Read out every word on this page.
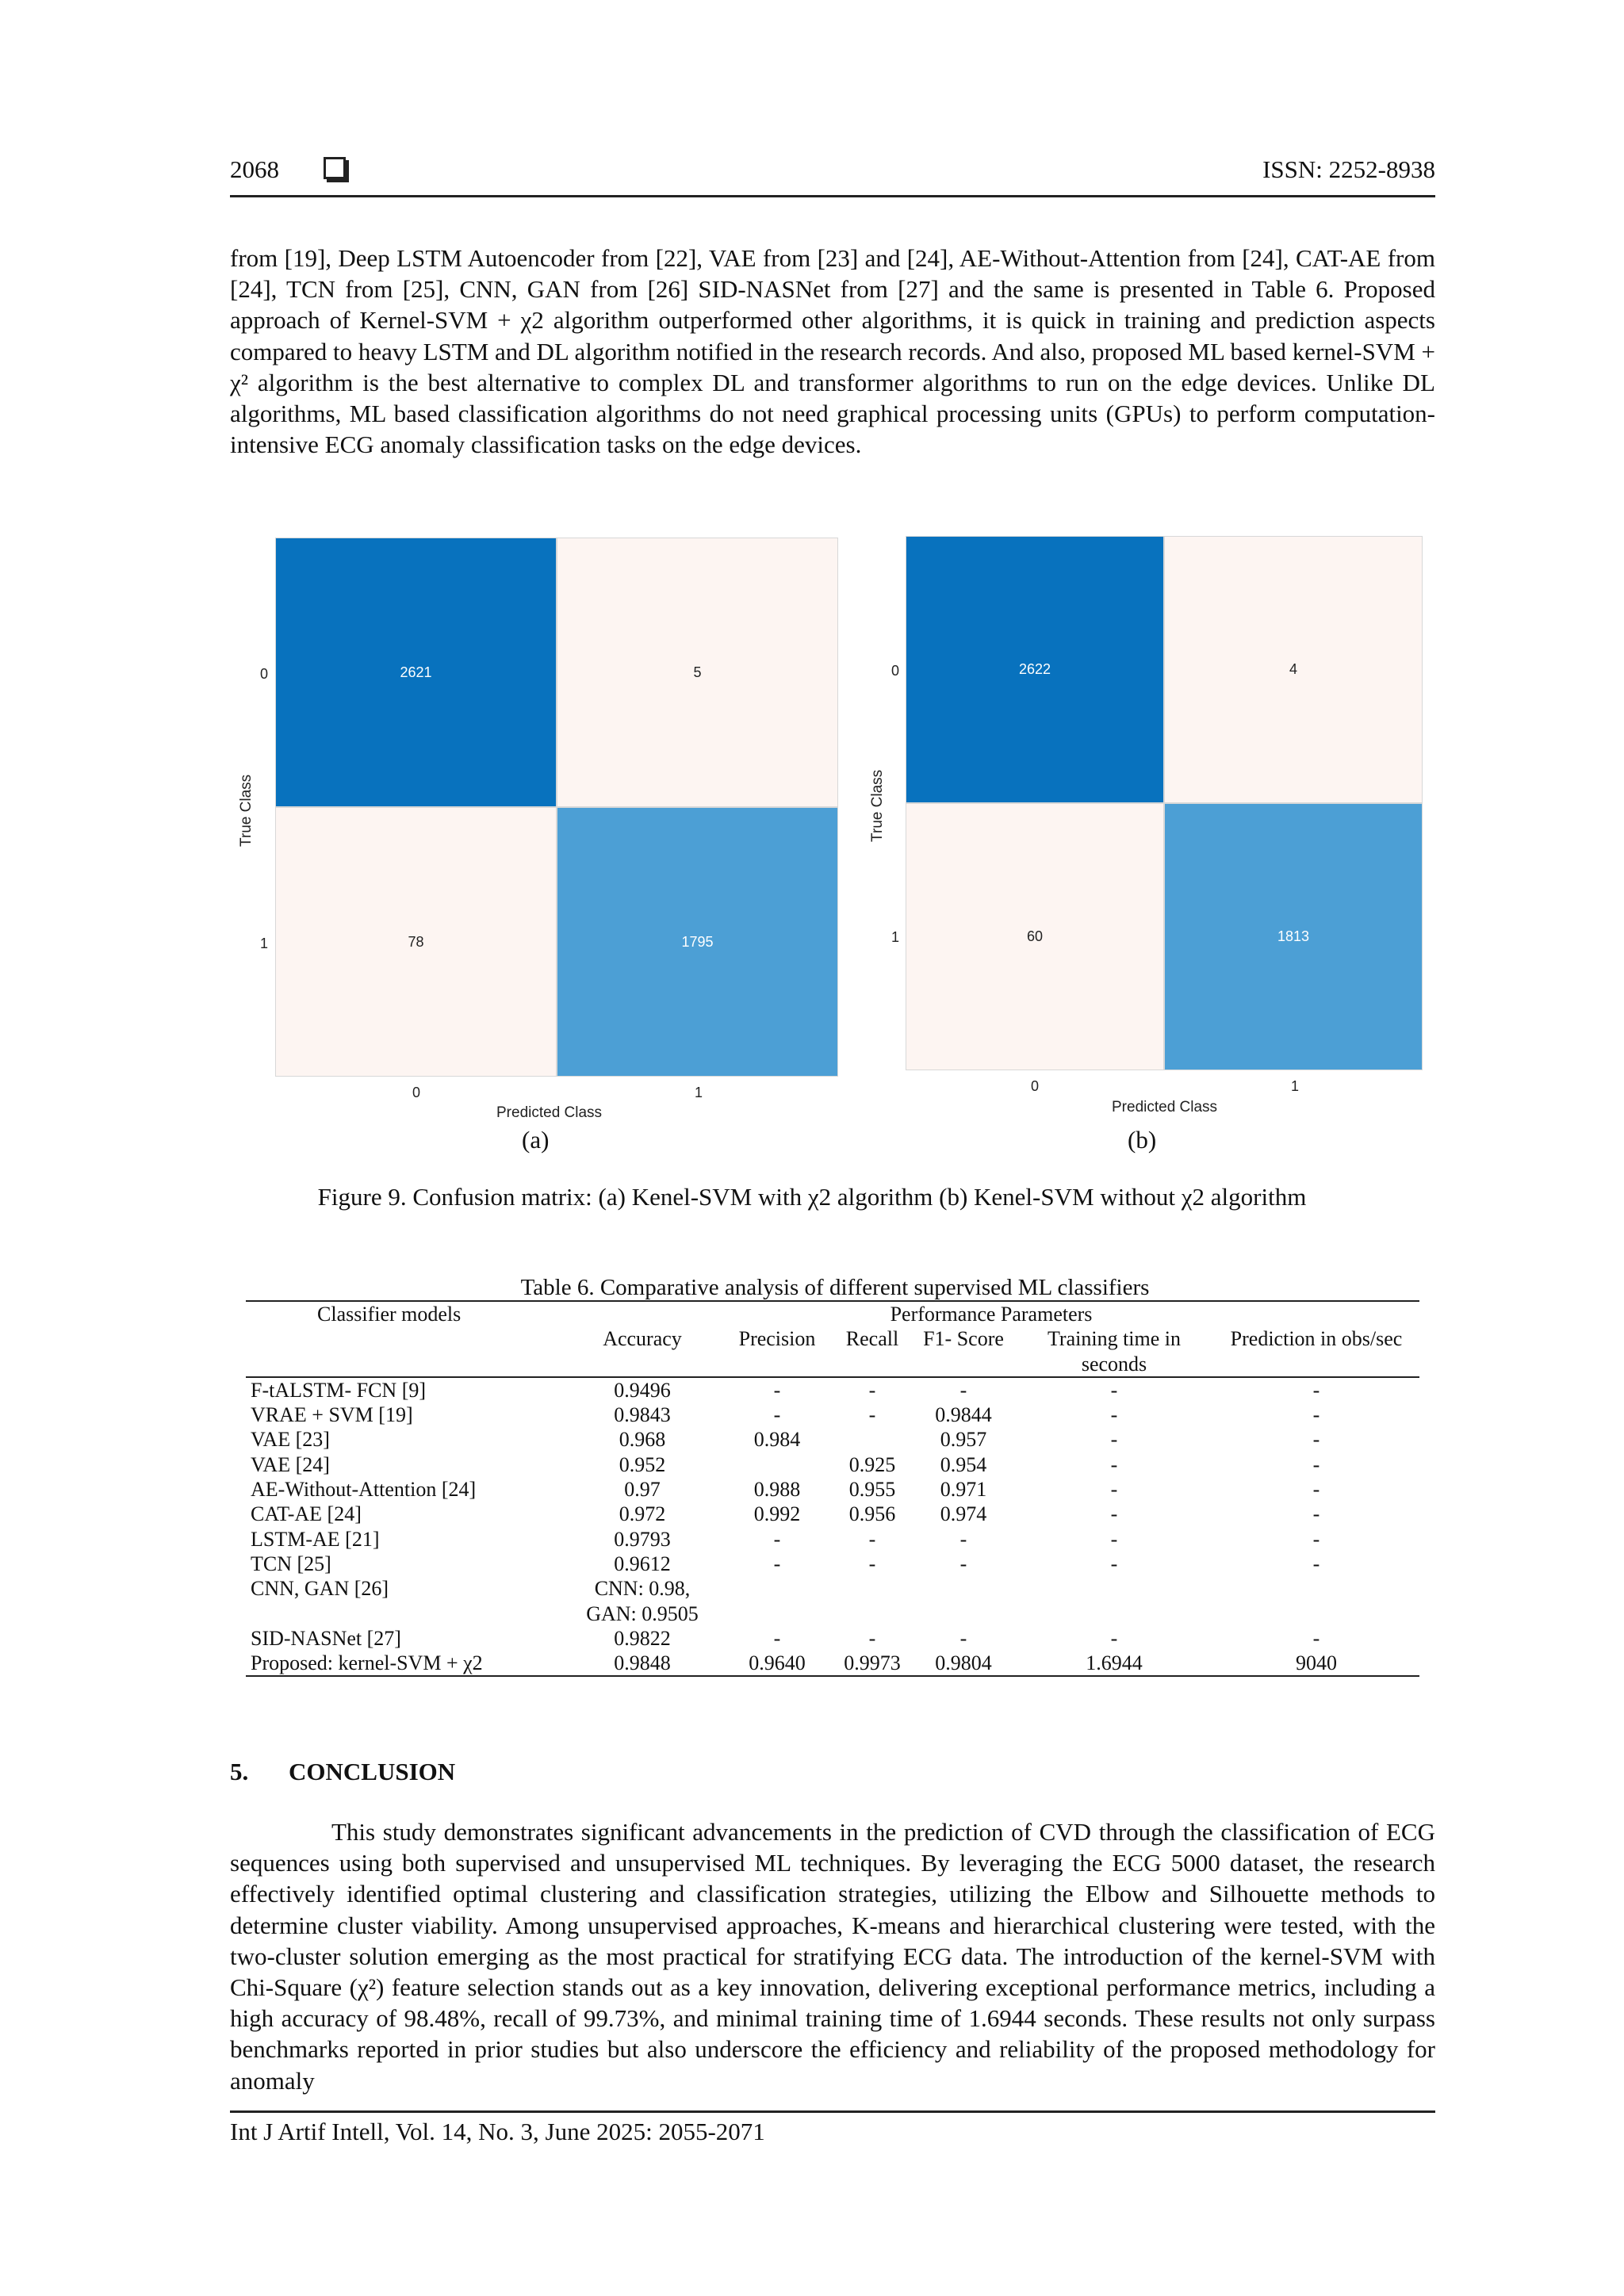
2068	ISSN: 2252-8938

from [19], Deep LSTM Autoencoder from [22], VAE from [23] and [24], AE-Without-Attention from [24], CAT-AE from [24], TCN from [25], CNN, GAN from [26] SID-NASNet from [27] and the same is presented in Table 6. Proposed approach of Kernel-SVM + χ2 algorithm outperformed other algorithms, it is quick in training and prediction aspects compared to heavy LSTM and DL algorithm notified in the research records. And also, proposed ML based kernel-SVM + χ² algorithm is the best alternative to complex DL and transformer algorithms to run on the edge devices. Unlike DL algorithms, ML based classification algorithms do not need graphical processing units (GPUs) to perform computation-intensive ECG anomaly classification tasks on the edge devices.

2621	5
78	1795
0
1
0	1
True Class
Predicted Class
(a)
2622	4
60	1813
0
1
0	1
True Class
Predicted Class
(b)
Figure 9. Confusion matrix: (a) Kenel-SVM with χ2 algorithm (b) Kenel-SVM without χ2 algorithm
Table 6. Comparative analysis of different supervised ML classifiers
Classifier models	Performance Parameters					
	Accuracy	Precision	Recall	F1- Score	Training time in seconds	Prediction in obs/sec
F-tALSTM- FCN [9]	0.9496	-	-	-	-	-
VRAE + SVM [19]	0.9843	-	-	0.9844	-	-
VAE [23]	0.968	0.984		0.957	-	-
VAE [24]	0.952		0.925	0.954	-	-
AE-Without-Attention [24]	0.97	0.988	0.955	0.971	-	-
CAT-AE [24]	0.972	0.992	0.956	0.974	-	-
LSTM-AE [21]	0.9793	-	-	-	-	-
TCN [25]	0.9612	-	-	-	-	-
CNN, GAN [26]	CNN: 0.98,
GAN: 0.9505					
SID-NASNet [27]	0.9822	-	-	-	-	-
Proposed: kernel-SVM + χ2	0.9848	0.9640	0.9973	0.9804	1.6944	9040
5. CONCLUSION

This study demonstrates significant advancements in the prediction of CVD through the classification of ECG sequences using both supervised and unsupervised ML techniques. By leveraging the ECG 5000 dataset, the research effectively identified optimal clustering and classification strategies, utilizing the Elbow and Silhouette methods to determine cluster viability. Among unsupervised approaches, K-means and hierarchical clustering were tested, with the two-cluster solution emerging as the most practical for stratifying ECG data. The introduction of the kernel-SVM with Chi-Square (χ²) feature selection stands out as a key innovation, delivering exceptional performance metrics, including a high accuracy of 98.48%, recall of 99.73%, and minimal training time of 1.6944 seconds. These results not only surpass benchmarks reported in prior studies but also underscore the efficiency and reliability of the proposed methodology for anomaly

Int J Artif Intell, Vol. 14, No. 3, June 2025: 2055-2071
